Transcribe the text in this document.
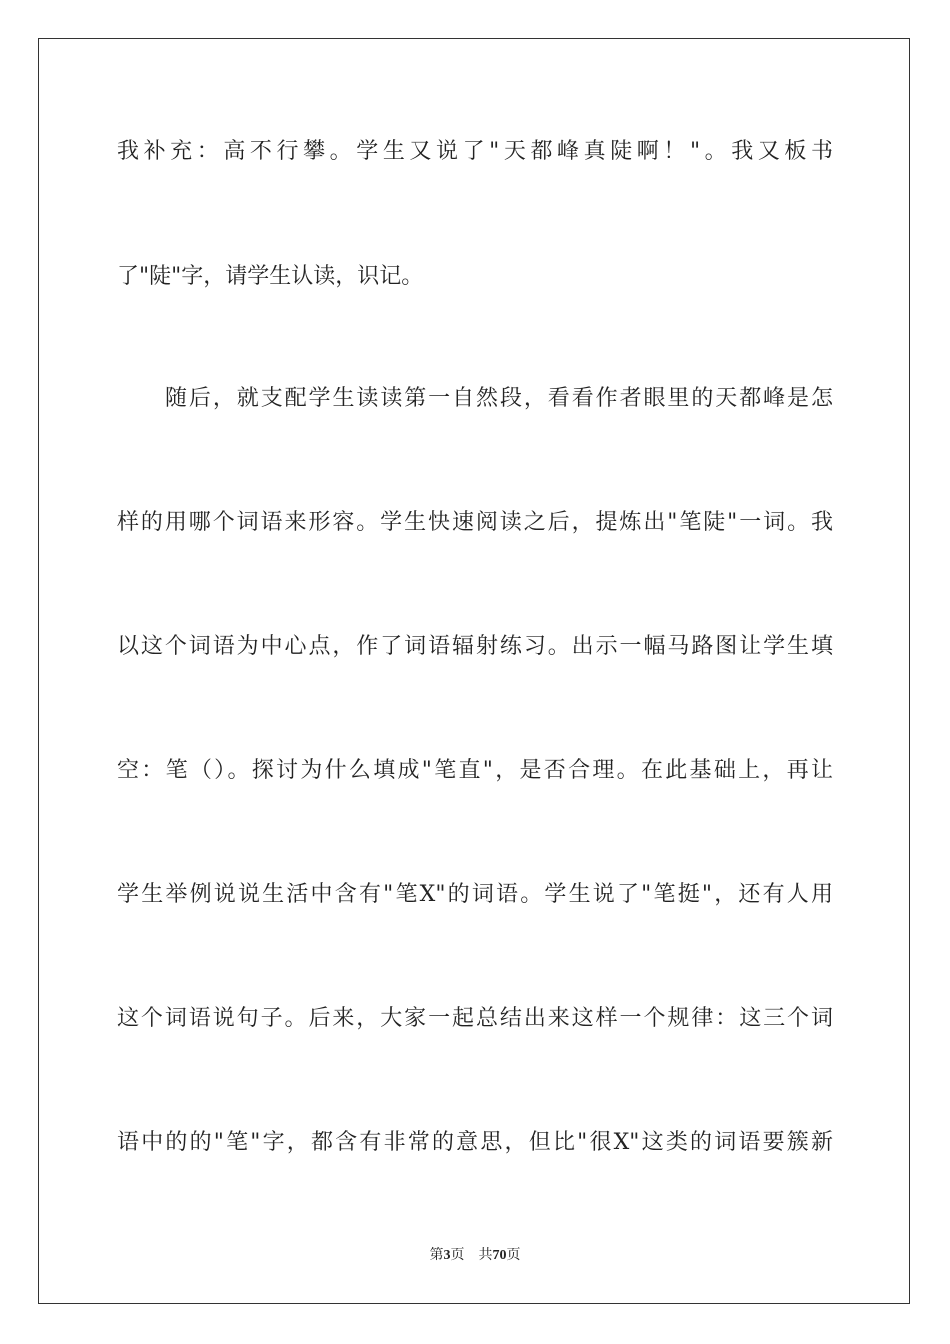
我补充：高不行攀。学生又说了"天都峰真陡啊！"。我又板书
了"陡"字，请学生认读，识记。
随后，就支配学生读读第一自然段，看看作者眼里的天都峰是怎
样的用哪个词语来形容。学生快速阅读之后，提炼出"笔陡"一词。我
以这个词语为中心点，作了词语辐射练习。出示一幅马路图让学生填
空：笔（）。探讨为什么填成"笔直"，是否合理。在此基础上，再让
学生举例说说生活中含有"笔X"的词语。学生说了"笔挺"，还有人用
这个词语说句子。后来，大家一起总结出来这样一个规律：这三个词
语中的的"笔"字，都含有非常的意思，但比"很X"这类的词语要簇新
第3页 共70页
